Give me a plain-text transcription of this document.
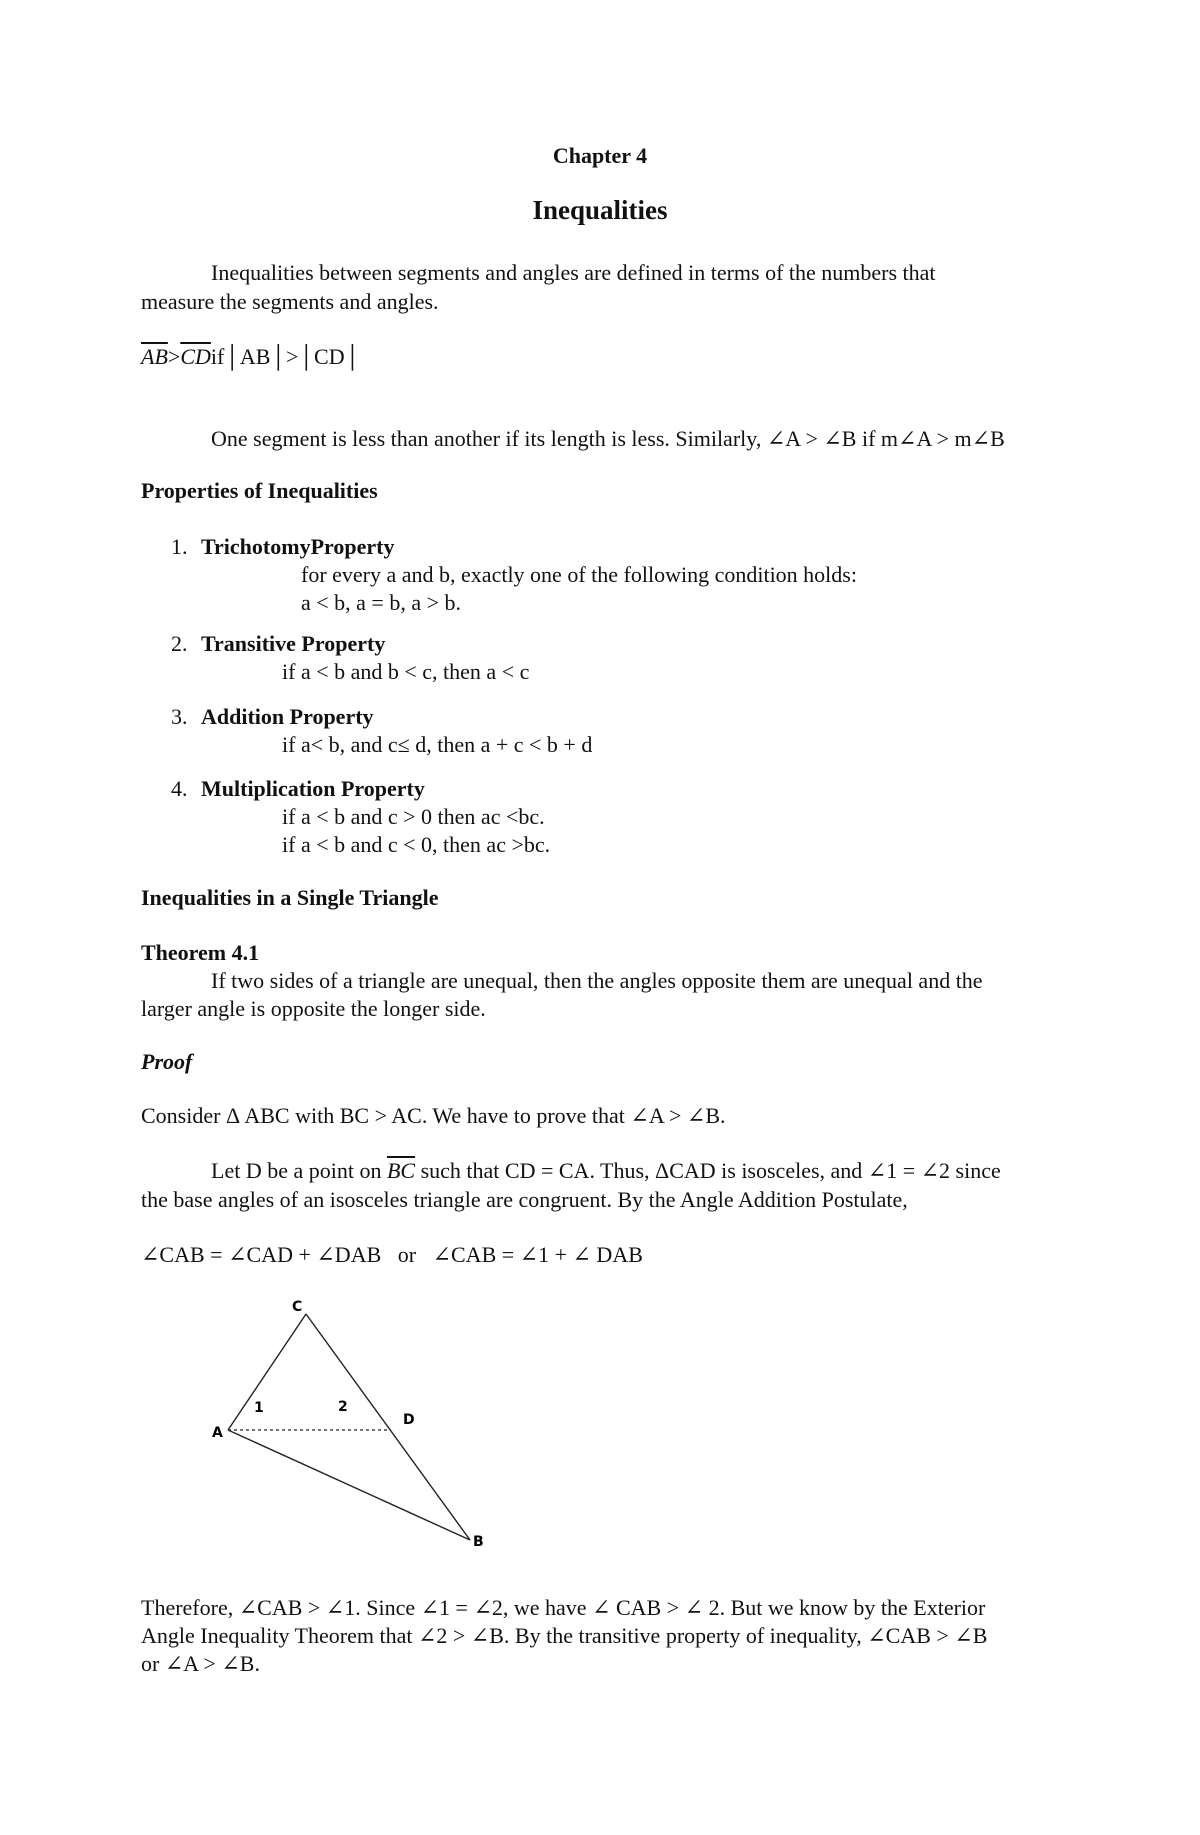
Chapter 4
Inequalities
Inequalities between segments and angles are defined in terms of the numbers that
measure the segments and angles.
$\overline{AB}>\overline{CD}if│AB│>│CD│$
One segment is less than another if its length is less. Similarly, ∠A > ∠B if m∠A > m∠B
Properties of Inequalities
1. TrichotomyProperty
for every a and b, exactly one of the following condition holds:
a < b, a = b, a > b.
2. Transitive Property
if a < b and b < c, then a < c
3. Addition Property
if a< b, and c≤ d, then a + c < b + d
4. Multiplication Property
if a < b and c > 0 then ac <bc.
if a < b and c < 0, then ac >bc.
Inequalities in a Single Triangle
Theorem 4.1
If two sides of a triangle are unequal, then the angles opposite them are unequal and the
larger angle is opposite the longer side.
Proof
Consider Δ ABC with BC > AC. We have to prove that ∠A > ∠B.
Let D be a point on $\overline{BC}$ such that CD = CA. Thus, ΔCAD is isosceles, and ∠1 = ∠2 since
the base angles of an isosceles triangle are congruent. By the Angle Addition Postulate,
∠CAB = ∠CAD + ∠DAB   or   ∠CAB = ∠1 + ∠ DAB
C
A
D
B
1	2
Therefore, ∠CAB > ∠1. Since ∠1 = ∠2, we have ∠ CAB > ∠ 2. But we know by the Exterior
Angle Inequality Theorem that ∠2 > ∠B. By the transitive property of inequality, ∠CAB > ∠B
or ∠A > ∠B.
